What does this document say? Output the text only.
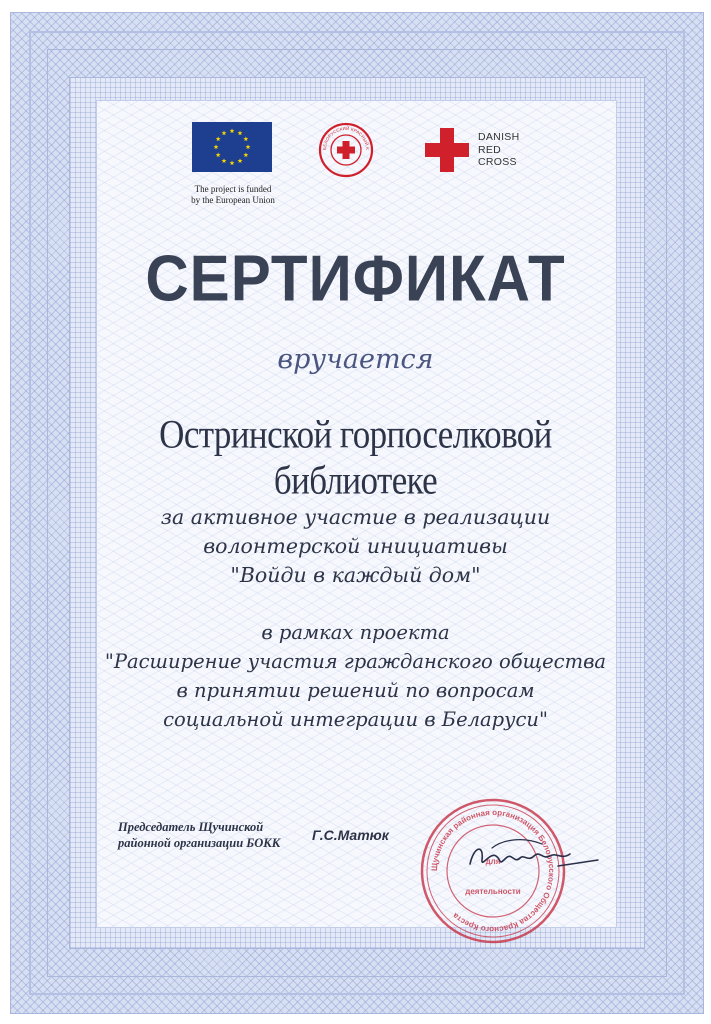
The project is funded
by the European Union
БЕЛОРУССКИЙ КРАСНЫЙ К
DANISH
RED
CROSS
СЕРТИФИКАТ
вручается
Остринской горпоселковой библиотеке
за активное участие в реализации
волонтерской инициативы
"Войди в каждый дом"
в рамках проекта
"Расширение участия гражданского общества
в принятии решений по вопросам
социальной интеграции в Беларуси"
Председатель Щучинской
районной организации БОКК	Г.С.Матюк
Щучинская районная организация Белорусского Общества Красного Креста
для
деятельности
